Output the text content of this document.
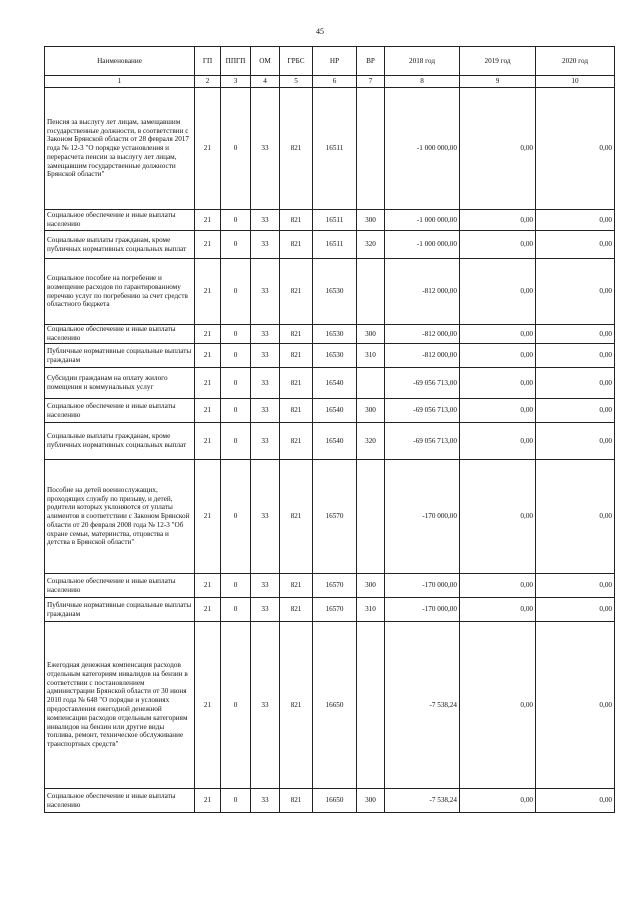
45
Наименование	ГП	ППГП	ОМ	ГРБС	НР	ВР	2018 год	2019 год	2020 год
1	2	3	4	5	6	7	8	9	10
Пенсия за выслугу лет лицам, замещавшим государственные должности, в соответствии с Законом Брянской области от 28 февраля 2017 года № 12-3 "О порядке установления и перерасчета пенсии за выслугу лет лицам, замещавшим государственные должности Брянской области"	21	0	33	821	16511		-1 000 000,00	0,00	0,00
Социальное обеспечение и иные выплаты населению	21	0	33	821	16511	300	-1 000 000,00	0,00	0,00
Социальные выплаты гражданам, кроме публичных нормативных социальных выплат	21	0	33	821	16511	320	-1 000 000,00	0,00	0,00
Социальное пособие на погребение и возмещение расходов по гарантированному перечню услуг по погребению за счет средств областного бюджета	21	0	33	821	16530		-812 000,00	0,00	0,00
Социальное обеспечение и иные выплаты населению	21	0	33	821	16530	300	-812 000,00	0,00	0,00
Публичные нормативные социальные выплаты гражданам	21	0	33	821	16530	310	-812 000,00	0,00	0,00
Субсидии гражданам на оплату жилого помещения и коммунальных услуг	21	0	33	821	16540		-69 056 713,00	0,00	0,00
Социальное обеспечение и иные выплаты населению	21	0	33	821	16540	300	-69 056 713,00	0,00	0,00
Социальные выплаты гражданам, кроме публичных нормативных социальных выплат	21	0	33	821	16540	320	-69 056 713,00	0,00	0,00
Пособие на детей военнослужащих, проходящих службу по призыву, и детей, родители которых уклоняются от уплаты алиментов в соответствии с Законом Брянской области от 20 февраля 2008 года № 12-3 "Об охране семьи, материнства, отцовства и детства в Брянской области"	21	0	33	821	16570		-170 000,00	0,00	0,00
Социальное обеспечение и иные выплаты населению	21	0	33	821	16570	300	-170 000,00	0,00	0,00
Публичные нормативные социальные выплаты гражданам	21	0	33	821	16570	310	-170 000,00	0,00	0,00
Ежегодная денежная компенсация расходов отдельным категориям инвалидов на бензин в соответствии с постановлением администрации Брянской области от 30 июня 2010 года № 648 "О порядке и условиях предоставления ежегодной денежной компенсации расходов отдельным категориям инвалидов на бензин или другие виды топлива, ремонт, техническое обслуживание транспортных средств"	21	0	33	821	16650		-7 538,24	0,00	0,00
Социальное обеспечение и иные выплаты населению	21	0	33	821	16650	300	-7 538,24	0,00	0,00
